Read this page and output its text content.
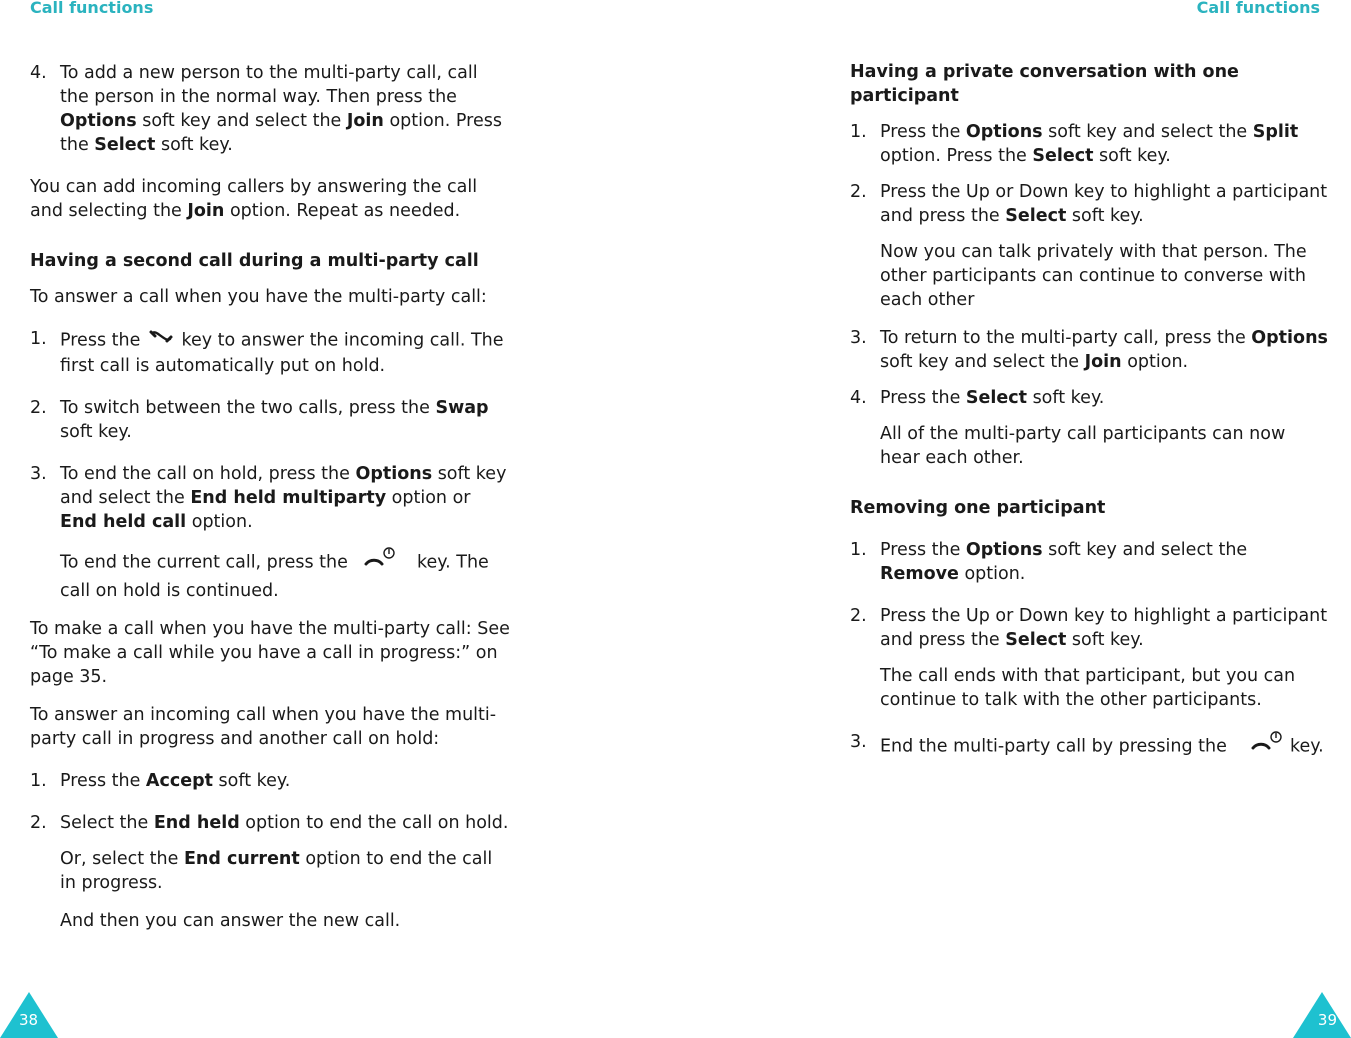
Call functions
4. To add a new person to the multi-party call, call the person in the normal way. Then press the Options soft key and select the Join option. Press the Select soft key.

You can add incoming callers by answering the call and selecting the Join option. Repeat as needed.

Having a second call during a multi-party call

To answer a call when you have the multi-party call:

1. Press the  key to answer the incoming call. The first call is automatically put on hold.
2. To switch between the two calls, press the Swap soft key.
3. To end the call on hold, press the Options soft key and select the End held multiparty option or End held call option.

To end the current call, press the	key. The call on hold is continued.

To make a call when you have the multi-party call: See “To make a call while you have a call in progress:” on page 35.

To answer an incoming call when you have the multi-party call in progress and another call on hold:

1. Press the Accept soft key.
2. Select the End held option to end the call on hold.

Or, select the End current option to end the call in progress.

And then you can answer the new call.

38
Call functions
Having a private conversation with one participant
1. Press the Options soft key and select the Split option. Press the Select soft key.
2. Press the Up or Down key to highlight a participant and press the Select soft key.

Now you can talk privately with that person. The other participants can continue to converse with each other

3. To return to the multi-party call, press the Options soft key and select the Join option.
4. Press the Select soft key.

All of the multi-party call participants can now hear each other.

Removing one participant
1. Press the Options soft key and select the Remove option.
2. Press the Up or Down key to highlight a participant and press the Select soft key.

The call ends with that participant, but you can continue to talk with the other participants.

3. End the multi-party call by pressing the	key.
39
